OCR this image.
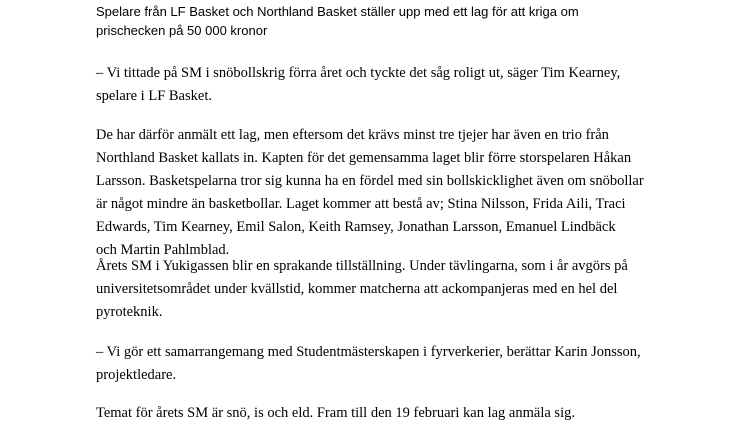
Spelare från LF Basket och Northland Basket ställer upp med ett lag för att kriga om
prischecken på 50 000 kronor

– Vi tittade på SM i snöbollskrig förra året och tyckte det såg roligt ut, säger Tim Kearney,
spelare i LF Basket.

De har därför anmält ett lag, men eftersom det krävs minst tre tjejer har även en trio från
Northland Basket kallats in. Kapten för det gemensamma laget blir förre storspelaren Håkan
Larsson. Basketspelarna tror sig kunna ha en fördel med sin bollskicklighet även om snöbollar
är något mindre än basketbollar. Laget kommer att bestå av; Stina Nilsson, Frida Aili, Traci
Edwards, Tim Kearney, Emil Salon, Keith Ramsey, Jonathan Larsson, Emanuel Lindbäck
och Martin Pahlmblad.

Årets SM i Yukigassen blir en sprakande tillställning. Under tävlingarna, som i år avgörs på
universitetsområdet under kvällstid, kommer matcherna att ackompanjeras med en hel del
pyroteknik.

– Vi gör ett samarrangemang med Studentmästerskapen i fyrverkerier, berättar Karin Jonsson,
projektledare.

Temat för årets SM är snö, is och eld. Fram till den 19 februari kan lag anmäla sig.
